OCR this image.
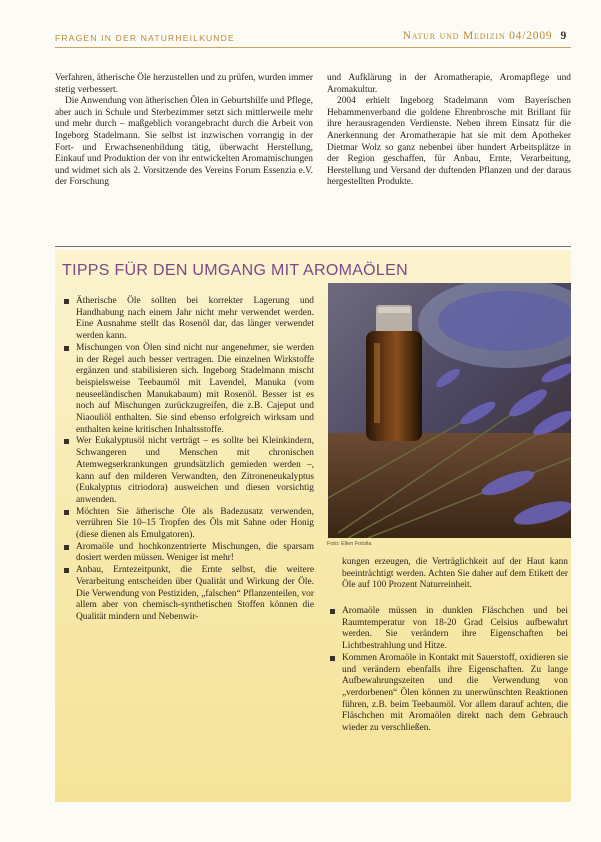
FRAGEN IN DER NATURHEILKUNDE	Natur und Medizin 04/2009 9

Verfahren, ätherische Öle herzustellen und zu prüfen, wurden immer stetig verbessert.

Die Anwendung von ätherischen Ölen in Geburtshilfe und Pflege, aber auch in Schule und Sterbezimmer setzt sich mittlerweile mehr und mehr durch – maßgeblich vorangebracht durch die Arbeit von Ingeborg Stadelmann. Sie selbst ist inzwischen vorrangig in der Fort- und Erwachsenenbildung tätig, überwacht Herstellung, Einkauf und Produktion der von ihr entwickelten Aromamischungen und widmet sich als 2. Vorsitzende des Vereins Forum Essenzia e.V. der Forschung

und Aufklärung in der Aromatherapie, Aromapflege und Aromakultur.

2004 erhielt Ingeborg Stadelmann vom Bayerischen Hebammenverband die goldene Ehrenbrosche mit Brillant für ihre herausragenden Verdienste. Neben ihrem Einsatz für die Anerkennung der Aromatherapie hat sie mit dem Apotheker Dietmar Wolz so ganz nebenbei über hundert Arbeitsplätze in der Region geschaffen, für Anbau, Ernte, Verarbeitung, Herstellung und Versand der duftenden Pflanzen und der daraus hergestellten Produkte.

TIPPS FÜR DEN UMGANG MIT AROMAÖLEN
Foto: Ellen Fotolia
Ätherische Öle sollten bei korrekter Lagerung und Handhabung nach einem Jahr nicht mehr verwendet werden. Eine Ausnahme stellt das Rosenöl dar, das länger verwendet werden kann.
Mischungen von Ölen sind nicht nur angenehmer, sie werden in der Regel auch besser vertragen. Die einzelnen Wirkstoffe ergänzen und stabilisieren sich. Ingeborg Stadelmann mischt beispielsweise Teebaumöl mit Lavendel, Manuka (vom neuseeländischen Manukabaum) mit Rosenöl. Besser ist es noch auf Mischungen zurückzugreifen, die z.B. Cajeput und Niaouliöl enthalten. Sie sind ebenso erfolgreich wirksam und enthalten keine kritischen Inhaltsstoffe.
Wer Eukalyptusöl nicht verträgt – es sollte bei Kleinkindern, Schwangeren und Menschen mit chronischen Atemwegserkrankungen grundsätzlich gemieden werden –, kann auf den milderen Verwandten, den Zitroneneukalyptus (Eukalyptus citriodora) ausweichen und diesen vorsichtig anwenden.
Möchten Sie ätherische Öle als Badezusatz verwenden, verrühren Sie 10–15 Tropfen des Öls mit Sahne oder Honig (diese dienen als Emulgatoren).
Aromaöle und hochkonzentrierte Mischungen, die sparsam dosiert werden müssen. Weniger ist mehr!
Anbau, Erntezeitpunkt, die Ernte selbst, die weitere Verarbeitung entscheiden über Qualität und Wirkung der Öle. Die Verwendung von Pestiziden, „falschen“ Pflanzenteilen, vor allem aber von chemisch-synthetischen Stoffen können die Qualität mindern und Nebenwir-
kungen erzeugen, die Verträglichkeit auf der Haut kann beeinträchtigt werden. Achten Sie daher auf dem Etikett der Öle auf 100 Prozent Naturreinheit.
Aromaöle müssen in dunklen Fläschchen und bei Raumtemperatur von 18-20 Grad Celsius aufbewahrt werden. Sie verändern ihre Eigenschaften bei Lichtbestrahlung und Hitze.
Kommen Aromaöle in Kontakt mit Sauerstoff, oxidieren sie und verändern ebenfalls ihre Eigenschaften. Zu lange Aufbewahrungszeiten und die Verwendung von „verdorbenen“ Ölen können zu unerwünschten Reaktionen führen, z.B. beim Teebaumöl. Vor allem darauf achten, die Fläschchen mit Aromaölen direkt nach dem Gebrauch wieder zu verschließen.
